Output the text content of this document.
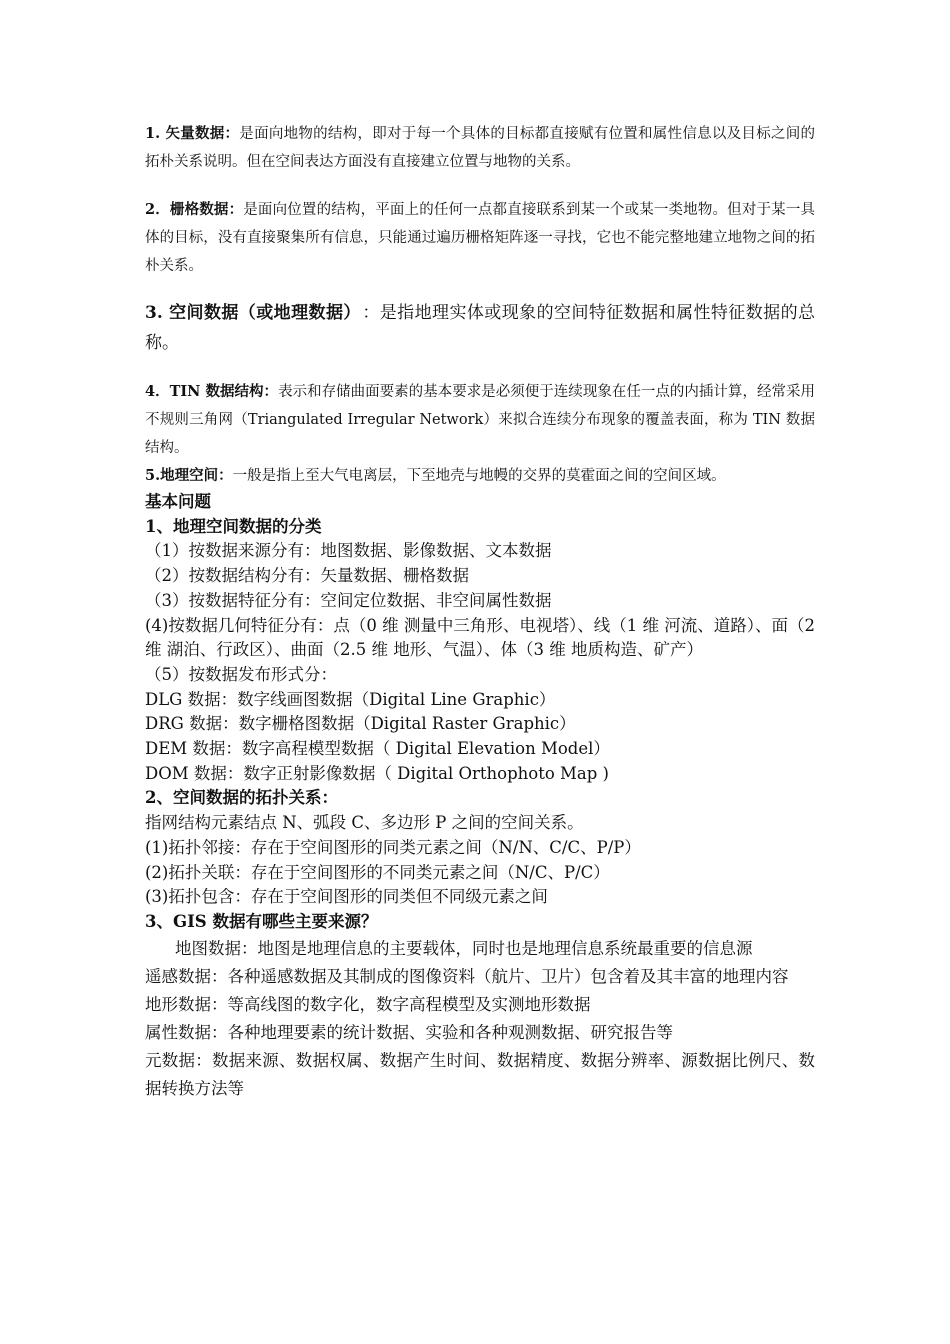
1. 矢量数据：是面向地物的结构，即对于每一个具体的目标都直接赋有位置和属性信息以及目标之间的拓朴关系说明。但在空间表达方面没有直接建立位置与地物的关系。

2．栅格数据：是面向位置的结构，平面上的任何一点都直接联系到某一个或某一类地物。但对于某一具体的目标，没有直接聚集所有信息，只能通过遍历栅格矩阵逐一寻找，它也不能完整地建立地物之间的拓朴关系。

3. 空间数据（或地理数据） ：是指地理实体或现象的空间特征数据和属性特征数据的总称。

4．TIN 数据结构：表示和存储曲面要素的基本要求是必须便于连续现象在任一点的内插计算，经常采用不规则三角网（Triangulated Irregular Network）来拟合连续分布现象的覆盖表面，称为 TIN 数据结构。

5.地理空间：一般是指上至大气电离层，下至地壳与地幔的交界的莫霍面之间的空间区域。

基本问题

1、地理空间数据的分类

（1）按数据来源分有：地图数据、影像数据、文本数据

（2）按数据结构分有：矢量数据、栅格数据

（3）按数据特征分有：空间定位数据、非空间属性数据

(4)按数据几何特征分有：点（0 维 测量中三角形、电视塔）、线（1 维 河流、道路）、面（2 维 湖泊、行政区）、曲面（2.5 维 地形、气温）、体（3 维 地质构造、矿产）

（5）按数据发布形式分：

DLG 数据：数字线画图数据（Digital Line Graphic）

DRG 数据：数字栅格图数据（Digital Raster Graphic）

DEM 数据：数字高程模型数据（ Digital Elevation Model）

DOM 数据：数字正射影像数据（ Digital Orthophoto Map )

2、空间数据的拓扑关系：

指网结构元素结点 N、弧段 C、多边形 P 之间的空间关系。

(1)拓扑邻接：存在于空间图形的同类元素之间（N/N、C/C、P/P）

(2)拓扑关联：存在于空间图形的不同类元素之间（N/C、P/C）

(3)拓扑包含：存在于空间图形的同类但不同级元素之间

3、GIS 数据有哪些主要来源？

地图数据：地图是地理信息的主要载体，同时也是地理信息系统最重要的信息源

遥感数据：各种遥感数据及其制成的图像资料（航片、卫片）包含着及其丰富的地理内容

地形数据：等高线图的数字化，数字高程模型及实测地形数据

属性数据：各种地理要素的统计数据、实验和各种观测数据、研究报告等

元数据：数据来源、数据权属、数据产生时间、数据精度、数据分辨率、源数据比例尺、数据转换方法等
